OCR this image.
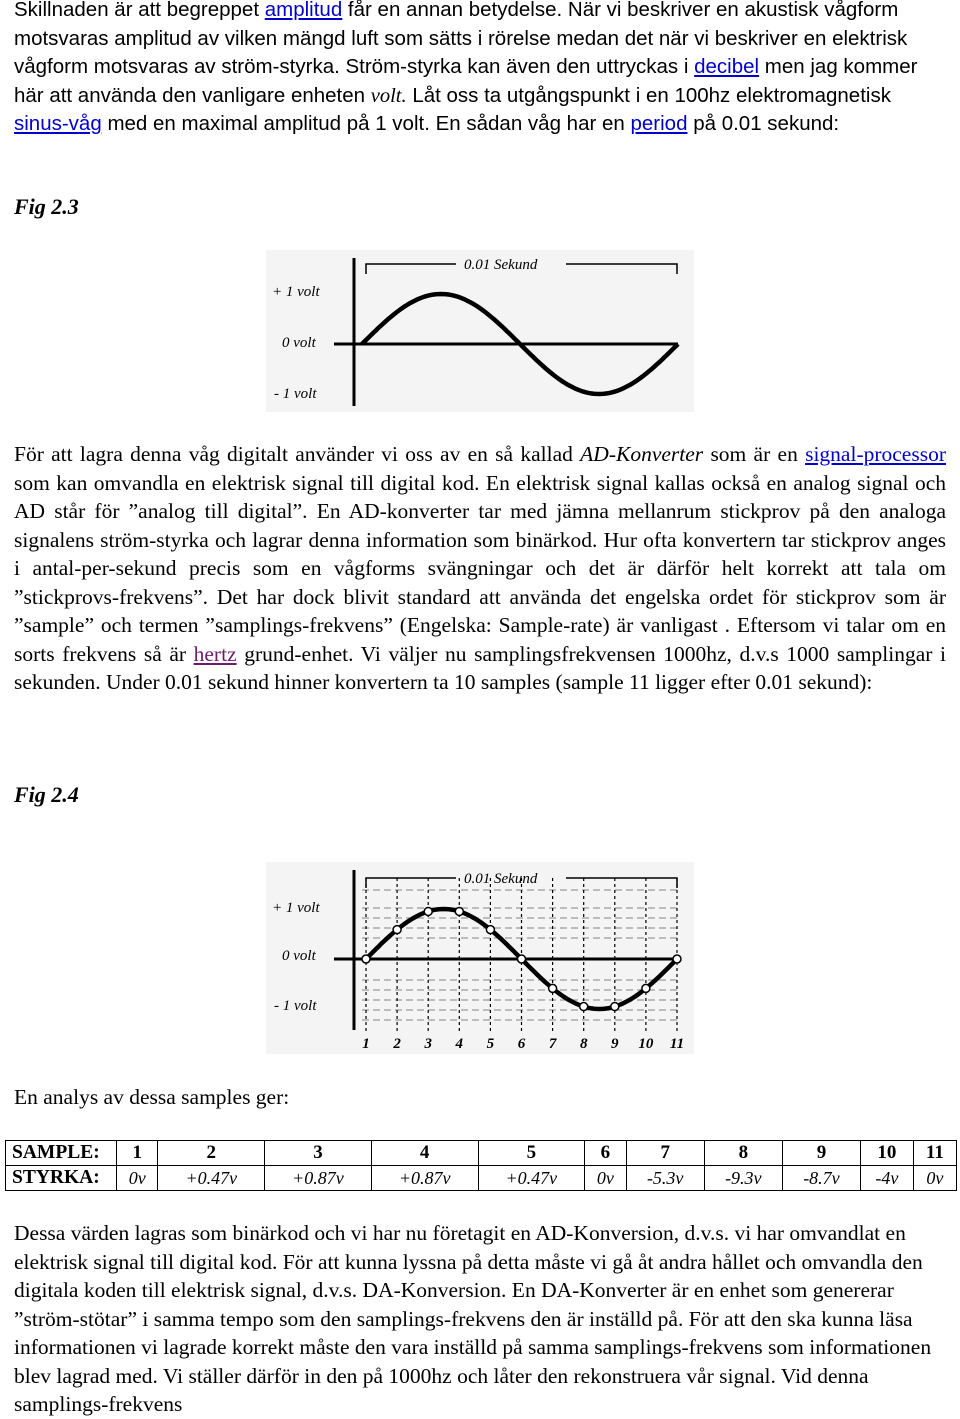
Skillnaden är att begreppet amplitud får en annan betydelse. När vi beskriver en akustisk vågform motsvaras amplitud av vilken mängd luft som sätts i rörelse medan det när vi beskriver en elektrisk vågform motsvaras av ström-styrka. Ström-styrka kan även den uttryckas i decibel men jag kommer här att använda den vanligare enheten volt. Låt oss ta utgångspunkt i en 100hz elektromagnetisk sinus-våg med en maximal amplitud på 1 volt. En sådan våg har en period på 0.01 sekund:

Fig 2.3

0.01 Sekund
+ 1 volt
0 volt
- 1 volt

För att lagra denna våg digitalt använder vi oss av en så kallad AD-Konverter som är en signal-processor som kan omvandla en elektrisk signal till digital kod. En elektrisk signal kallas också en analog signal och AD står för ”analog till digital”. En AD-konverter tar med jämna mellanrum stickprov på den analoga signalens ström-styrka och lagrar denna information som binärkod. Hur ofta konvertern tar stickprov anges i antal-per-sekund precis som en vågforms svängningar och det är därför helt korrekt att tala om ”stickprovs-frekvens”. Det har dock blivit standard att använda det engelska ordet för stickprov som är ”sample” och termen ”samplings-frekvens” (Engelska: Sample-rate) är vanligast . Eftersom vi talar om en sorts frekvens så är hertz grund-enhet. Vi väljer nu samplingsfrekvensen 1000hz, d.v.s 1000 samplingar i sekunden. Under 0.01 sekund hinner konvertern ta 10 samples (sample 11 ligger efter 0.01 sekund):

Fig 2.4

0.01 Sekund
+ 1 volt
0 volt
- 1 volt
1 2 3 4 5 6 7 8 9 10 11

En analys av dessa samples ger:

SAMPLE:	1	2	3	4	5	6	7	8	9	10	11
STYRKA:	0v	+0.47v	+0.87v	+0.87v	+0.47v	0v	-5.3v	-9.3v	-8.7v	-4v	0v

Dessa värden lagras som binärkod och vi har nu företagit en AD-Konversion, d.v.s. vi har omvandlat en elektrisk signal till digital kod. För att kunna lyssna på detta måste vi gå åt andra hållet och omvandla den digitala koden till elektrisk signal, d.v.s. DA-Konversion. En DA-Konverter är en enhet som genererar ”ström-stötar” i samma tempo som den samplings-frekvens den är inställd på. För att den ska kunna läsa informationen vi lagrade korrekt måste den vara inställd på samma samplings-frekvens som informationen blev lagrad med. Vi ställer därför in den på 1000hz och låter den rekonstruera vår signal. Vid denna samplings-frekvens
